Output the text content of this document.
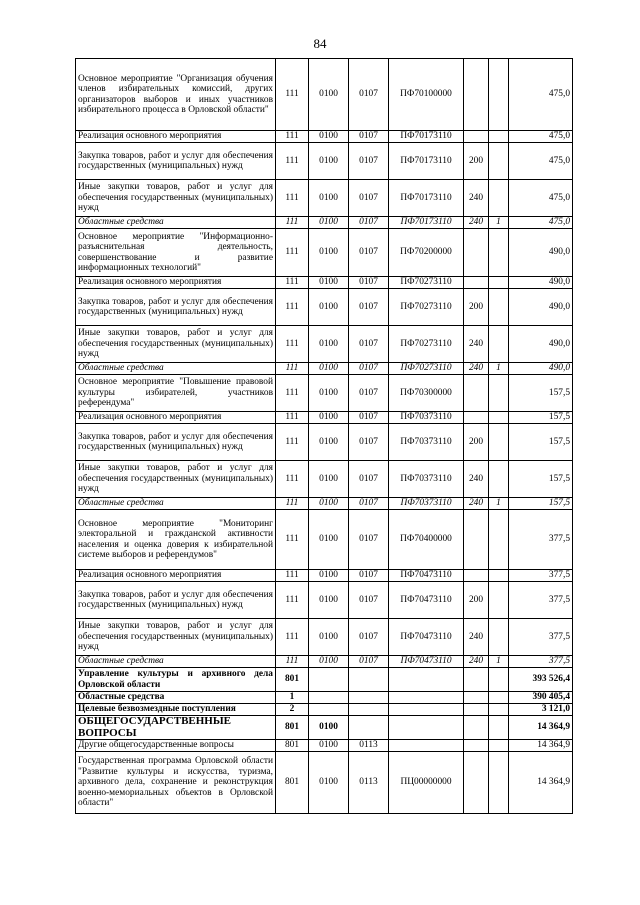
84
Основное мероприятие "Организация обучения членов избирательных комиссий, других организаторов выборов и иных участников избирательного процесса в Орловской области"	111	0100	0107	ПФ70100000			475,0
Реализация основного мероприятия	111	0100	0107	ПФ70173110			475,0
Закупка товаров, работ и услуг для обеспечения государственных (муниципальных) нужд	111	0100	0107	ПФ70173110	200		475,0
Иные закупки товаров, работ и услуг для обеспечения государственных (муниципальных) нужд	111	0100	0107	ПФ70173110	240		475,0
Областные средства	111	0100	0107	ПФ70173110	240	1	475,0
Основное мероприятие "Информационно-разъяснительная деятельность, совершенствование и развитие информационных технологий"	111	0100	0107	ПФ70200000			490,0
Реализация основного мероприятия	111	0100	0107	ПФ70273110			490,0
Закупка товаров, работ и услуг для обеспечения государственных (муниципальных) нужд	111	0100	0107	ПФ70273110	200		490,0
Иные закупки товаров, работ и услуг для обеспечения государственных (муниципальных) нужд	111	0100	0107	ПФ70273110	240		490,0
Областные средства	111	0100	0107	ПФ70273110	240	1	490,0
Основное мероприятие "Повышение правовой культуры избирателей, участников референдума"	111	0100	0107	ПФ70300000			157,5
Реализация основного мероприятия	111	0100	0107	ПФ70373110			157,5
Закупка товаров, работ и услуг для обеспечения государственных (муниципальных) нужд	111	0100	0107	ПФ70373110	200		157,5
Иные закупки товаров, работ и услуг для обеспечения государственных (муниципальных) нужд	111	0100	0107	ПФ70373110	240		157,5
Областные средства	111	0100	0107	ПФ70373110	240	1	157,5
Основное мероприятие "Мониторинг электоральной и гражданской активности населения и оценка доверия к избирательной системе выборов и референдумов"	111	0100	0107	ПФ70400000			377,5
Реализация основного мероприятия	111	0100	0107	ПФ70473110			377,5
Закупка товаров, работ и услуг для обеспечения государственных (муниципальных) нужд	111	0100	0107	ПФ70473110	200		377,5
Иные закупки товаров, работ и услуг для обеспечения государственных (муниципальных) нужд	111	0100	0107	ПФ70473110	240		377,5
Областные средства	111	0100	0107	ПФ70473110	240	1	377,5
Управление культуры и архивного дела Орловской области	801						393 526,4
Областные средства	1						390 405,4
Целевые безвозмездные поступления	2						3 121,0
ОБЩЕГОСУДАРСТВЕННЫЕ ВОПРОСЫ	801	0100					14 364,9
Другие общегосударственные вопросы	801	0100	0113				14 364,9
Государственная программа Орловской области "Развитие культуры и искусства, туризма, архивного дела, сохранение и реконструкция военно-мемориальных объектов в Орловской области"	801	0100	0113	ПЦ00000000			14 364,9
